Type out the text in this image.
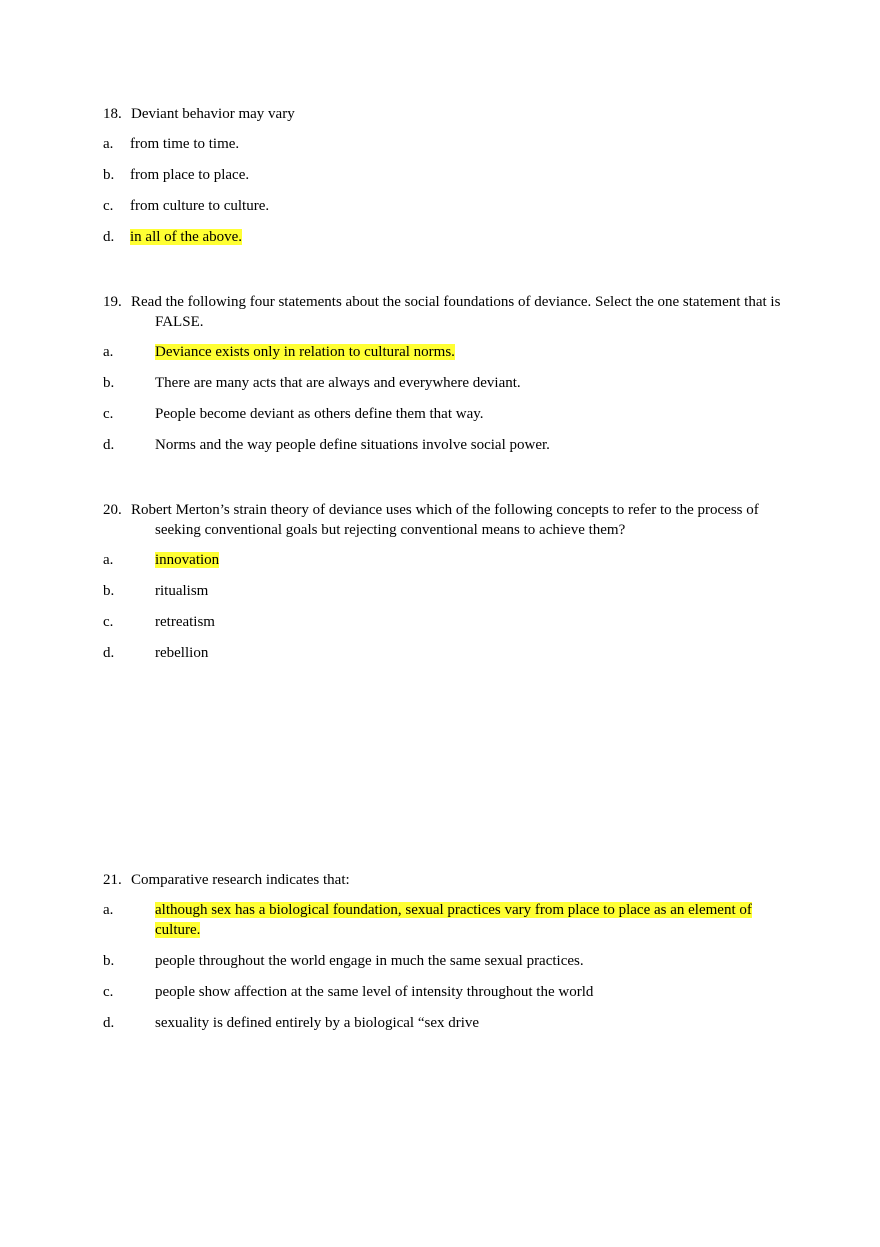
18. Deviant behavior may vary
a. from time to time.
b. from place to place.
c. from culture to culture.
d. in all of the above.
19. Read the following four statements about the social foundations of deviance. Select the one statement that is FALSE.
a.	Deviance exists only in relation to cultural norms.
b.	There are many acts that are always and everywhere deviant.
c.	People become deviant as others define them that way.
d.	Norms and the way people define situations involve social power.
20. Robert Merton’s strain theory of deviance uses which of the following concepts to refer to the process of seeking conventional goals but rejecting conventional means to achieve them?
a.	innovation
b.	ritualism
c.	retreatism
d.	rebellion
21. Comparative research indicates that:
a.	although sex has a biological foundation, sexual practices vary from place to place as an element of culture.
b.	people throughout the world engage in much the same sexual practices.
c.	people show affection at the same level of intensity throughout the world
d.	sexuality is defined entirely by a biological “sex drive
